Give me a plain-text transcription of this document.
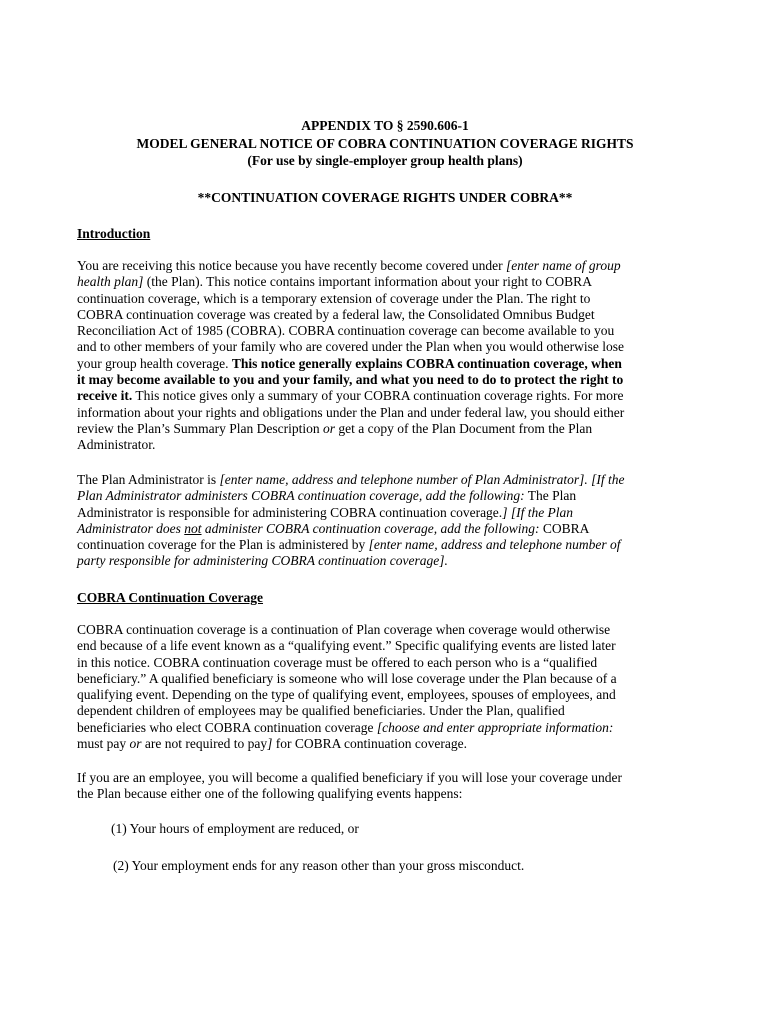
APPENDIX TO § 2590.606-1
MODEL GENERAL NOTICE OF COBRA CONTINUATION COVERAGE RIGHTS
(For use by single-employer group health plans)
**CONTINUATION COVERAGE RIGHTS UNDER COBRA**
Introduction
You are receiving this notice because you have recently become covered under [enter name of group
health plan] (the Plan). This notice contains important information about your right to COBRA
continuation coverage, which is a temporary extension of coverage under the Plan. The right to
COBRA continuation coverage was created by a federal law, the Consolidated Omnibus Budget
Reconciliation Act of 1985 (COBRA). COBRA continuation coverage can become available to you
and to other members of your family who are covered under the Plan when you would otherwise lose
your group health coverage. This notice generally explains COBRA continuation coverage, when
it may become available to you and your family, and what you need to do to protect the right to
receive it. This notice gives only a summary of your COBRA continuation coverage rights. For more
information about your rights and obligations under the Plan and under federal law, you should either
review the Plan’s Summary Plan Description or get a copy of the Plan Document from the Plan
Administrator.
The Plan Administrator is [enter name, address and telephone number of Plan Administrator]. [If the
Plan Administrator administers COBRA continuation coverage, add the following: The Plan
Administrator is responsible for administering COBRA continuation coverage.] [If the Plan
Administrator does not administer COBRA continuation coverage, add the following: COBRA
continuation coverage for the Plan is administered by [enter name, address and telephone number of
party responsible for administering COBRA continuation coverage].
COBRA Continuation Coverage
COBRA continuation coverage is a continuation of Plan coverage when coverage would otherwise
end because of a life event known as a “qualifying event.” Specific qualifying events are listed later
in this notice. COBRA continuation coverage must be offered to each person who is a “qualified
beneficiary.” A qualified beneficiary is someone who will lose coverage under the Plan because of a
qualifying event. Depending on the type of qualifying event, employees, spouses of employees, and
dependent children of employees may be qualified beneficiaries. Under the Plan, qualified
beneficiaries who elect COBRA continuation coverage [choose and enter appropriate information:
must pay or are not required to pay] for COBRA continuation coverage.
If you are an employee, you will become a qualified beneficiary if you will lose your coverage under
the Plan because either one of the following qualifying events happens:
(1) Your hours of employment are reduced, or
(2) Your employment ends for any reason other than your gross misconduct.
